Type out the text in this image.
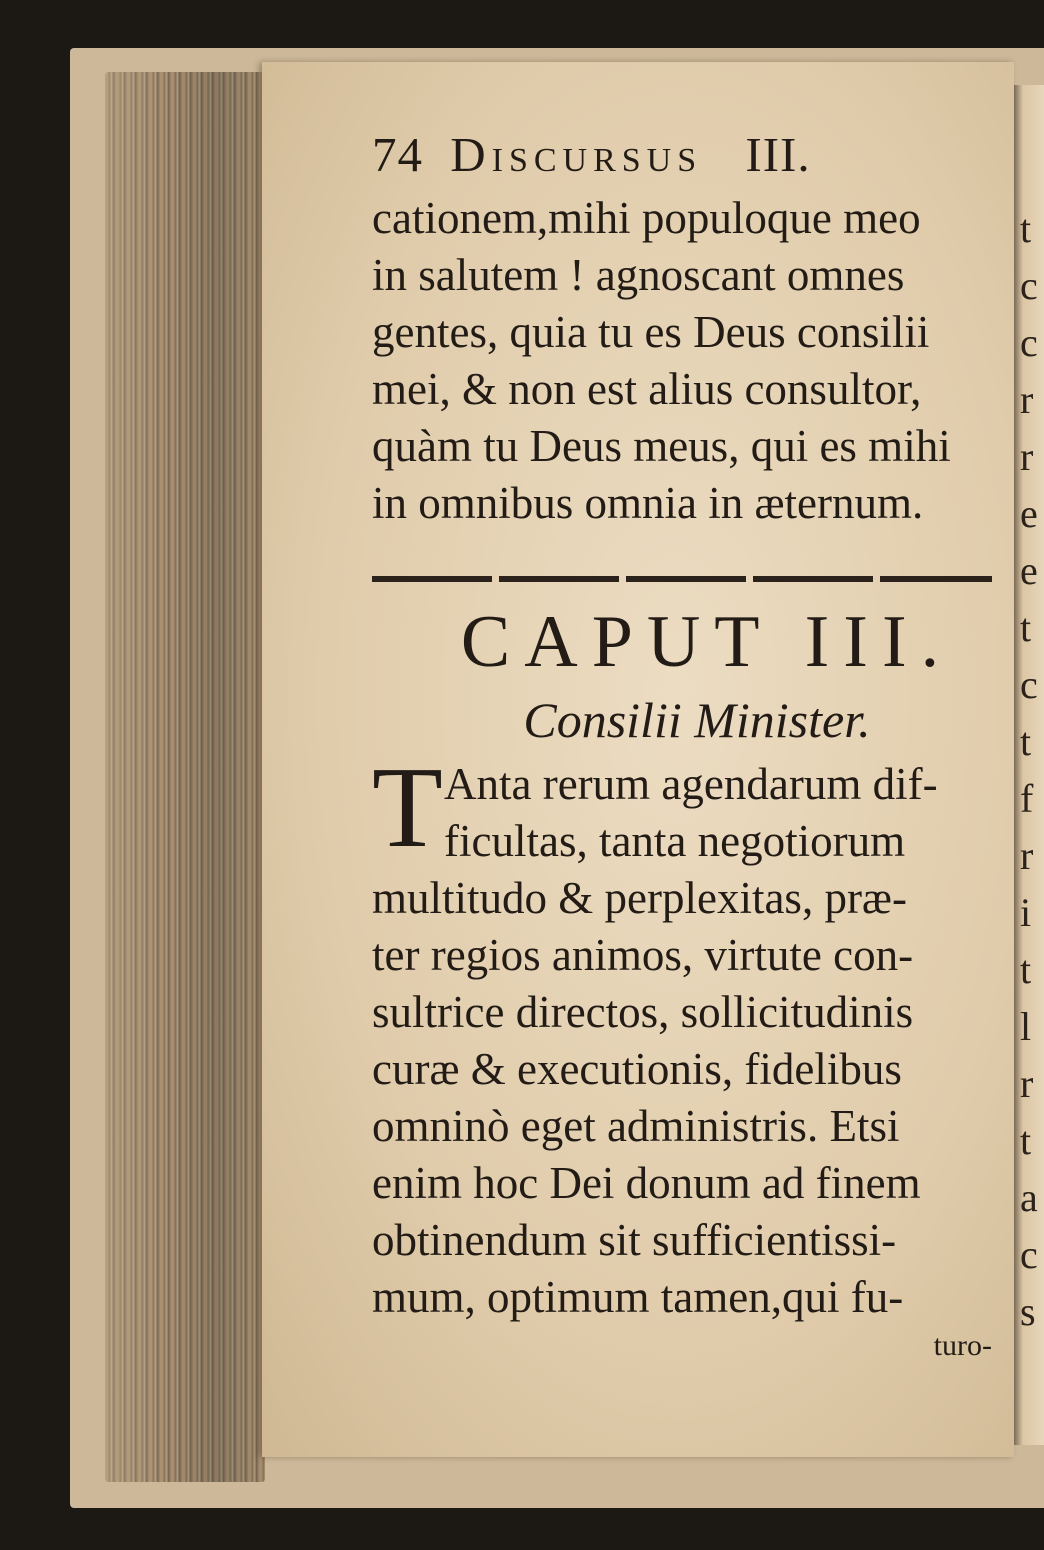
t
c
c
r
r
e
e
t
c
t
f
r
i
t
l
r
t
a
c
s
74 Discursus III.
cationem,mihi populoque meo
in salutem ! agnoscant omnes
gentes, quia tu es Deus consilii
mei, & non est alius consultor,
quàm tu Deus meus, qui es mihi
in omnibus omnia in æternum.
CAPUT III.
Consilii Minister.
T Anta rerum agendarum dif-
ficultas, tanta negotiorum
multitudo & perplexitas, præ-
ter regios animos, virtute con-
sultrice directos, sollicitudinis
curæ & executionis, fidelibus
omninò eget administris. Etsi
enim hoc Dei donum ad finem
obtinendum sit sufficientissi-
mum, optimum tamen,qui fu-
turo-
